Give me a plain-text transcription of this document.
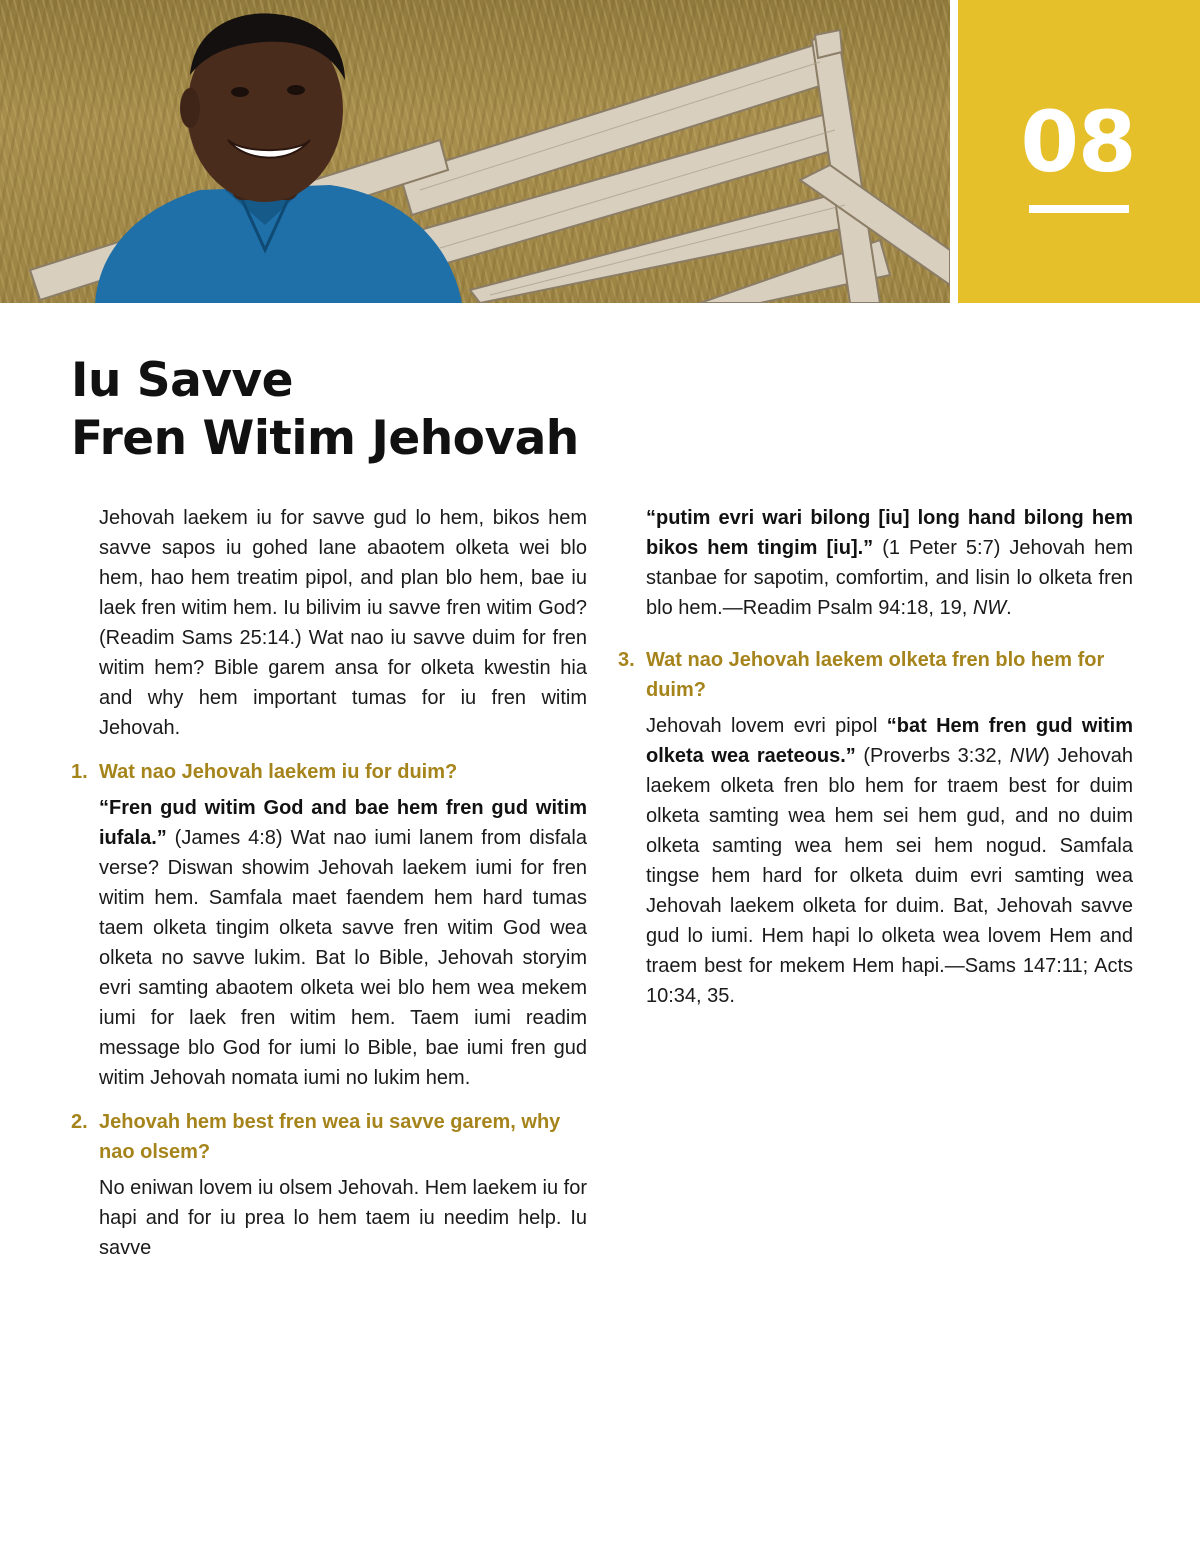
08
Iu Savve
Fren Witim Jehovah

Jehovah laekem iu for savve gud lo hem, bikos hem savve sapos iu gohed lane abaotem olketa wei blo hem, hao hem treatim pipol, and plan blo hem, bae iu laek fren witim hem. Iu bilivim iu savve fren witim God? (Readim Sams 25:14.) Wat nao iu savve duim for fren witim hem? Bible garem ansa for olketa kwestin hia and why hem important tumas for iu fren witim Jehovah.

1. Wat nao Jehovah laekem iu for duim?

“Fren gud witim God and bae hem fren gud witim iufala.” (James 4:8) Wat nao iumi lanem from disfala verse? Diswan showim Jehovah laekem iumi for fren witim hem. Samfala maet faendem hem hard tumas taem olketa tingim olketa savve fren witim God wea olketa no savve lukim. Bat lo Bible, Jehovah storyim evri samting abaotem olketa wei blo hem wea mekem iumi for laek fren witim hem. Taem iumi readim message blo God for iumi lo Bible, bae iumi fren gud witim Jehovah nomata iumi no lukim hem.

2. Jehovah hem best fren wea iu savve garem, why nao olsem?

No eniwan lovem iu olsem Jehovah. Hem laekem iu for hapi and for iu prea lo hem taem iu needim help. Iu savve

“putim evri wari bilong [iu] long hand bilong hem bikos hem tingim [iu].” (1 Peter 5:7) Jehovah hem stanbae for sapotim, comfortim, and lisin lo olketa fren blo hem.—Readim Psalm 94:18, 19, NW.

3. Wat nao Jehovah laekem olketa fren blo hem for duim?

Jehovah lovem evri pipol “bat Hem fren gud witim olketa wea raeteous.” (Proverbs 3:32, NW) Jehovah laekem olketa fren blo hem for traem best for duim olketa samting wea hem sei hem gud, and no duim olketa samting wea hem sei hem nogud. Samfala tingse hem hard for olketa duim evri samting wea Jehovah laekem olketa for duim. Bat, Jehovah savve gud lo iumi. Hem hapi lo olketa wea lovem Hem and traem best for mekem Hem hapi.—Sams 147:11; Acts 10:34, 35.
